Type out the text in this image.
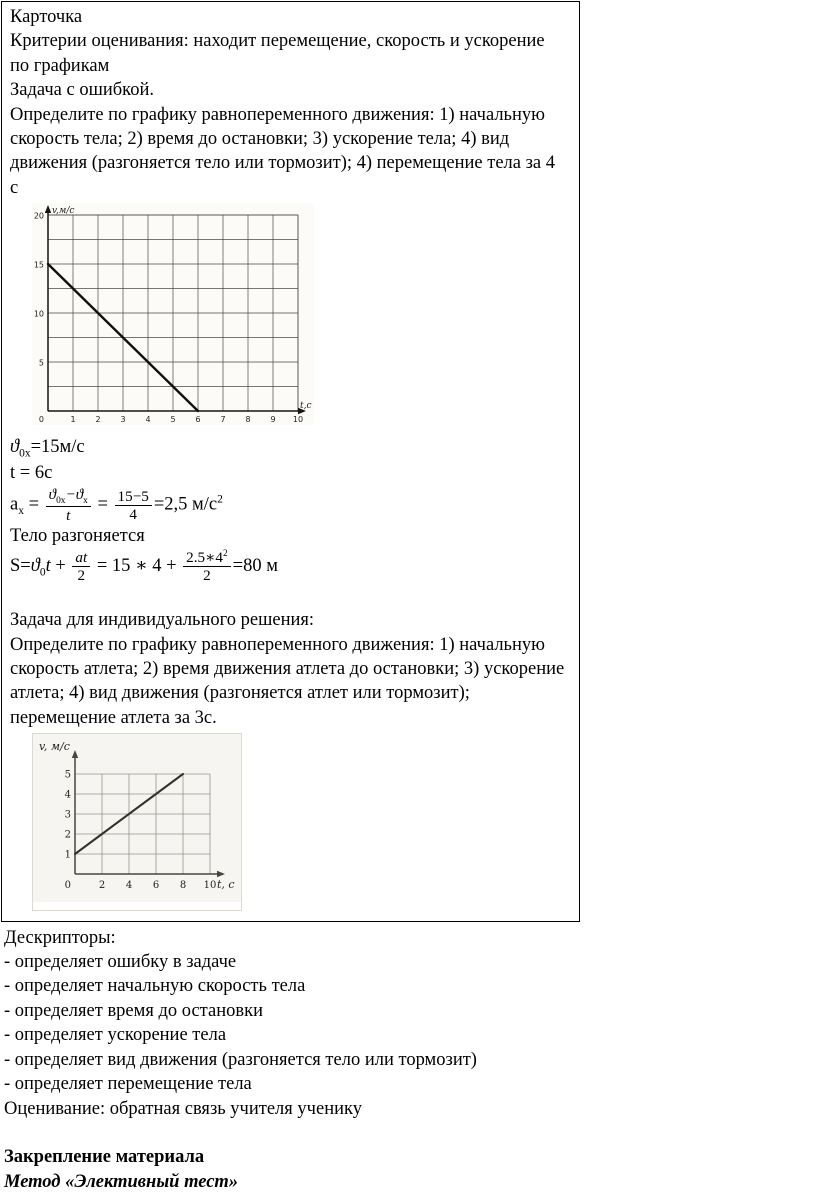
Карточка

Критерии оценивания: находит перемещение, скорость и ускорение по графикам

Задача с ошибкой.

Определите по графику равнопеременного движения: 1) начальную скорость тела; 2) время до остановки; 3) ускорение тела; 4) вид движения (разгоняется тело или тормозит); 4) перемещение тела за 4 с

5
10
15
20
1 2 3 4 5 6 7 8 9 10
0
v,м/с
t,c

$ϑ_{0x}=15м/с$

t = 6с

$a_х = \frac{ϑ_{0x}-ϑ_x}{t} = \frac{15-5}{4} =2,5$ $м/с^2$

Тело разгоняется

$S=ϑ_0t + \frac{at}{2} = 15$ ∗ $4 + \frac{2.5∗4^2}{2} =80$ м

Задача для индивидуального решения:

Определите по графику равнопеременного движения: 1) начальную скорость атлета; 2) время движения атлета до остановки; 3) ускорение атлета; 4) вид движения (разгоняется атлет или тормозит); перемещение атлета за 3с.

1
2
3
4
5
2 4 6 8 10
0
v, м/с
t, с

Дескрипторы:

- определяет ошибку в задаче

- определяет начальную скорость тела

- определяет время до остановки

- определяет ускорение тела

- определяет вид движения (разгоняется тело или тормозит)

- определяет перемещение тела

Оценивание: обратная связь учителя ученику

Закрепление материала

Метод «Элективный тест»
